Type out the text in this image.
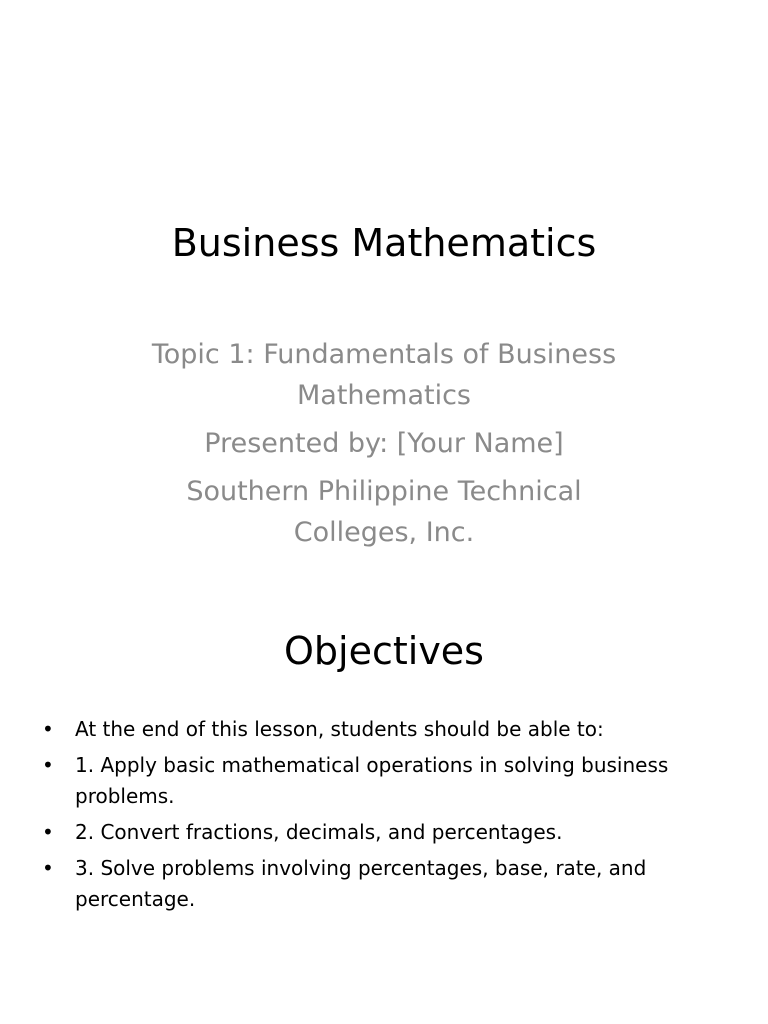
Business Mathematics
Topic 1: Fundamentals of Business Mathematics
Presented by: [Your Name]
Southern Philippine Technical Colleges, Inc.
Objectives
• At the end of this lesson, students should be able to:
• 1. Apply basic mathematical operations in solving business problems.
• 2. Convert fractions, decimals, and percentages.
• 3. Solve problems involving percentages, base, rate, and percentage.
